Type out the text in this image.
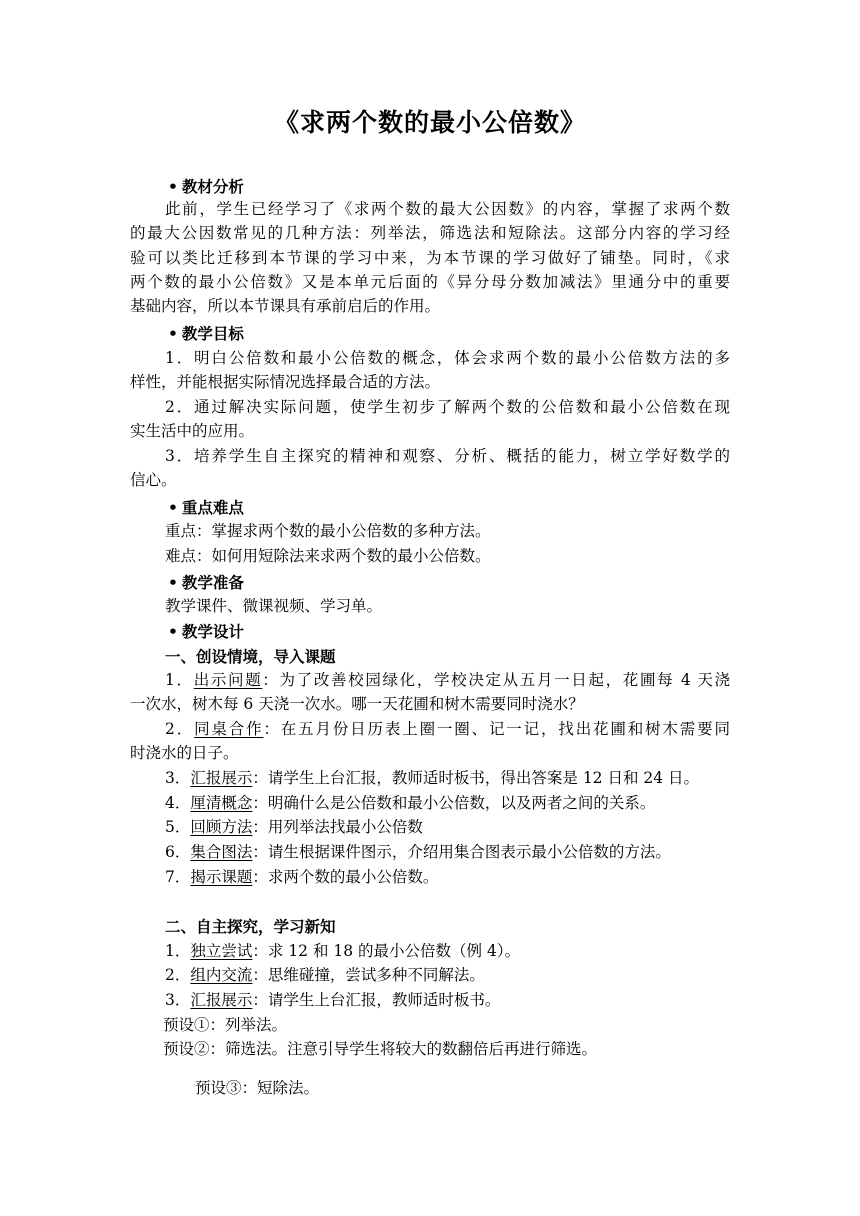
《求两个数的最小公倍数》
• 教材分析
此前，学生已经学习了《求两个数的最大公因数》的内容，掌握了求两个数
的最大公因数常见的几种方法：列举法，筛选法和短除法。这部分内容的学习经
验可以类比迁移到本节课的学习中来，为本节课的学习做好了铺垫。同时，《求
两个数的最小公倍数》又是本单元后面的《异分母分数加减法》里通分中的重要
基础内容，所以本节课具有承前启后的作用。
• 教学目标
1．明白公倍数和最小公倍数的概念，体会求两个数的最小公倍数方法的多
样性，并能根据实际情况选择最合适的方法。
2．通过解决实际问题，使学生初步了解两个数的公倍数和最小公倍数在现
实生活中的应用。
3．培养学生自主探究的精神和观察、分析、概括的能力，树立学好数学的
信心。
• 重点难点
重点：掌握求两个数的最小公倍数的多种方法。
难点：如何用短除法来求两个数的最小公倍数。
• 教学准备
教学课件、微课视频、学习单。
• 教学设计
一、创设情境，导入课题
1．出示问题：为了改善校园绿化，学校决定从五月一日起，花圃每 4 天浇
一次水，树木每 6 天浇一次水。哪一天花圃和树木需要同时浇水？
2．同桌合作：在五月份日历表上圈一圈、记一记，找出花圃和树木需要同
时浇水的日子。
3．汇报展示：请学生上台汇报，教师适时板书，得出答案是 12 日和 24 日。
4．厘清概念：明确什么是公倍数和最小公倍数，以及两者之间的关系。
5．回顾方法：用列举法找最小公倍数
6．集合图法：请生根据课件图示，介绍用集合图表示最小公倍数的方法。
7．揭示课题：求两个数的最小公倍数。
二、自主探究，学习新知
1．独立尝试：求 12 和 18 的最小公倍数（例 4）。
2．组内交流：思维碰撞，尝试多种不同解法。
3．汇报展示：请学生上台汇报，教师适时板书。
预设①：列举法。
预设②：筛选法。注意引导学生将较大的数翻倍后再进行筛选。
预设③：短除法。
